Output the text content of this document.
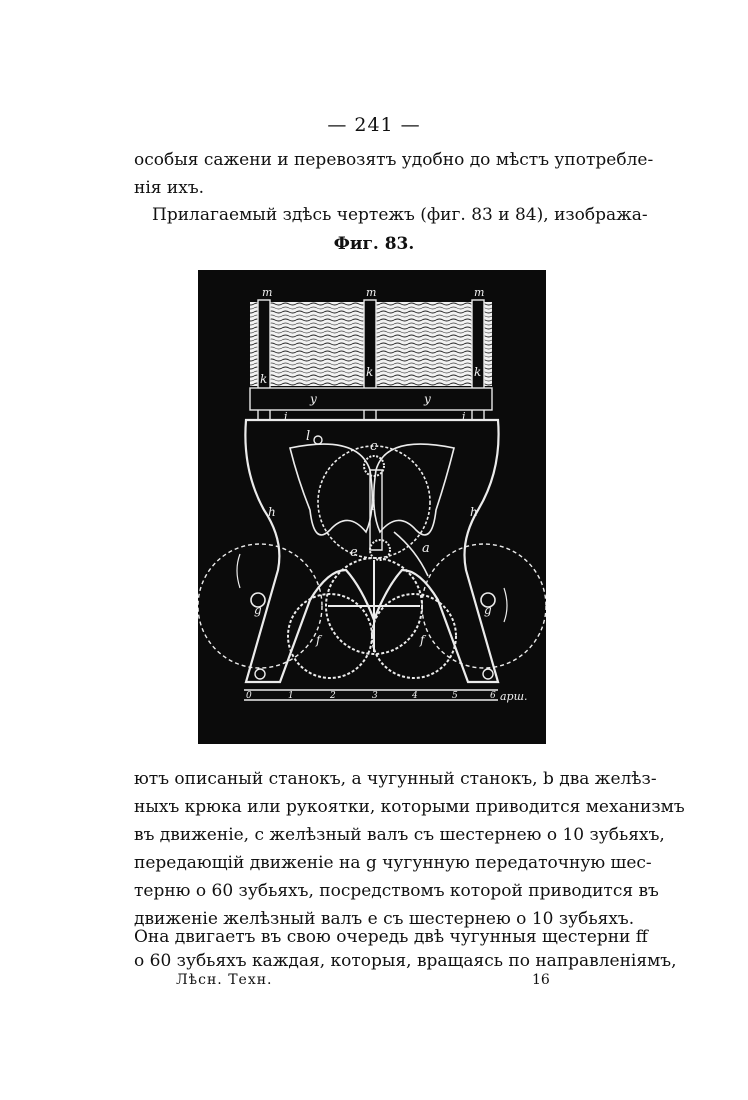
— 241 —
особыя сажени и перевозятъ удобно до мѣстъ употребле-
нія ихъ.
Прилагаемый здѣсь чертежъ (фиг. 83 и 84), изобража-
Фиг. 83.
m	m	m
k	k	k
y	y
i	i
l
c
l
h	h
e	a
g	g
f	f
0	1	2	3	4	5	6 арш.
ютъ описаный станокъ, a чугунный станокъ, b два желѣз-
ныхъ крюка или рукоятки, которыми приводится механизмъ
въ движеніе, c желѣзный валъ съ шестернею о 10 зубьяхъ,
передающій движеніе на g чугунную передаточную шес-
терню о 60 зубьяхъ, посредствомъ которой приводится въ
движеніе желѣзный валъ e съ шестернею о 10 зубьяхъ.
Она двигаетъ въ свою очередь двѣ чугунныя щестерни ff
о 60 зубьяхъ каждая, которыя, вращаясь по направленіямъ,
Лѣсн. Техн.	16
